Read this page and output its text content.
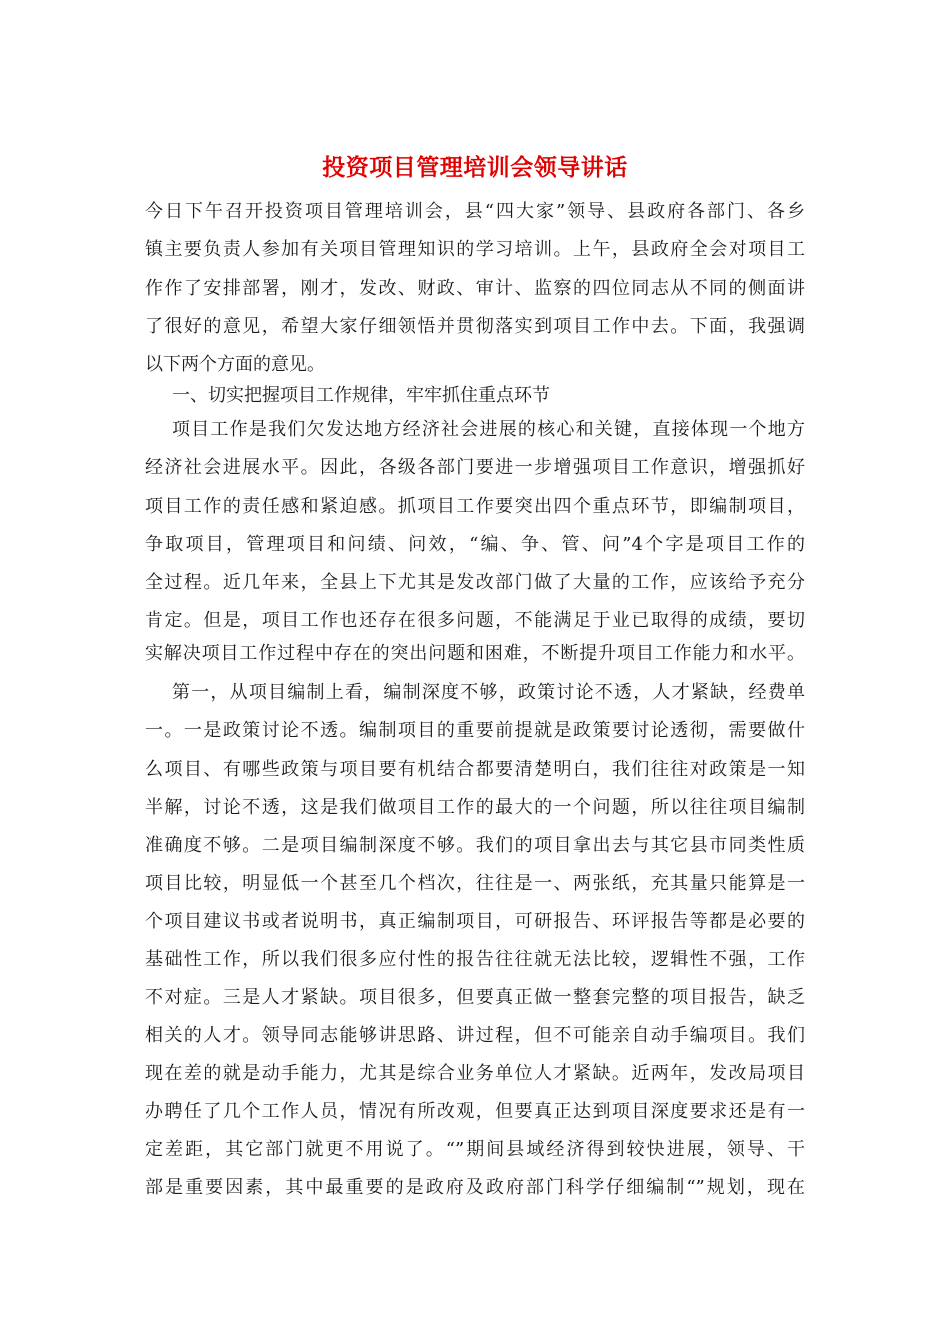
投资项目管理培训会领导讲话
今日下午召开投资项目管理培训会，县“四大家”领导、县政府各部门、各乡
镇主要负责人参加有关项目管理知识的学习培训。上午，县政府全会对项目工
作作了安排部署，刚才，发改、财政、审计、监察的四位同志从不同的侧面讲
了很好的意见，希望大家仔细领悟并贯彻落实到项目工作中去。下面，我强调
以下两个方面的意见。
一、切实把握项目工作规律，牢牢抓住重点环节
项目工作是我们欠发达地方经济社会进展的核心和关键，直接体现一个地方
经济社会进展水平。因此，各级各部门要进一步增强项目工作意识，增强抓好
项目工作的责任感和紧迫感。抓项目工作要突出四个重点环节，即编制项目，
争取项目，管理项目和问绩、问效，“编、争、管、问”4个字是项目工作的
全过程。近几年来，全县上下尤其是发改部门做了大量的工作，应该给予充分
肯定。但是，项目工作也还存在很多问题，不能满足于业已取得的成绩，要切
实解决项目工作过程中存在的突出问题和困难，不断提升项目工作能力和水平。
第一，从项目编制上看，编制深度不够，政策讨论不透，人才紧缺，经费单
一。一是政策讨论不透。编制项目的重要前提就是政策要讨论透彻，需要做什
么项目、有哪些政策与项目要有机结合都要清楚明白，我们往往对政策是一知
半解，讨论不透，这是我们做项目工作的最大的一个问题，所以往往项目编制
准确度不够。二是项目编制深度不够。我们的项目拿出去与其它县市同类性质
项目比较，明显低一个甚至几个档次，往往是一、两张纸，充其量只能算是一
个项目建议书或者说明书，真正编制项目，可研报告、环评报告等都是必要的
基础性工作，所以我们很多应付性的报告往往就无法比较，逻辑性不强，工作
不对症。三是人才紧缺。项目很多，但要真正做一整套完整的项目报告，缺乏
相关的人才。领导同志能够讲思路、讲过程，但不可能亲自动手编项目。我们
现在差的就是动手能力，尤其是综合业务单位人才紧缺。近两年，发改局项目
办聘任了几个工作人员，情况有所改观，但要真正达到项目深度要求还是有一
定差距，其它部门就更不用说了。“”期间县域经济得到较快进展，领导、干
部是重要因素，其中最重要的是政府及政府部门科学仔细编制“”规划，现在
